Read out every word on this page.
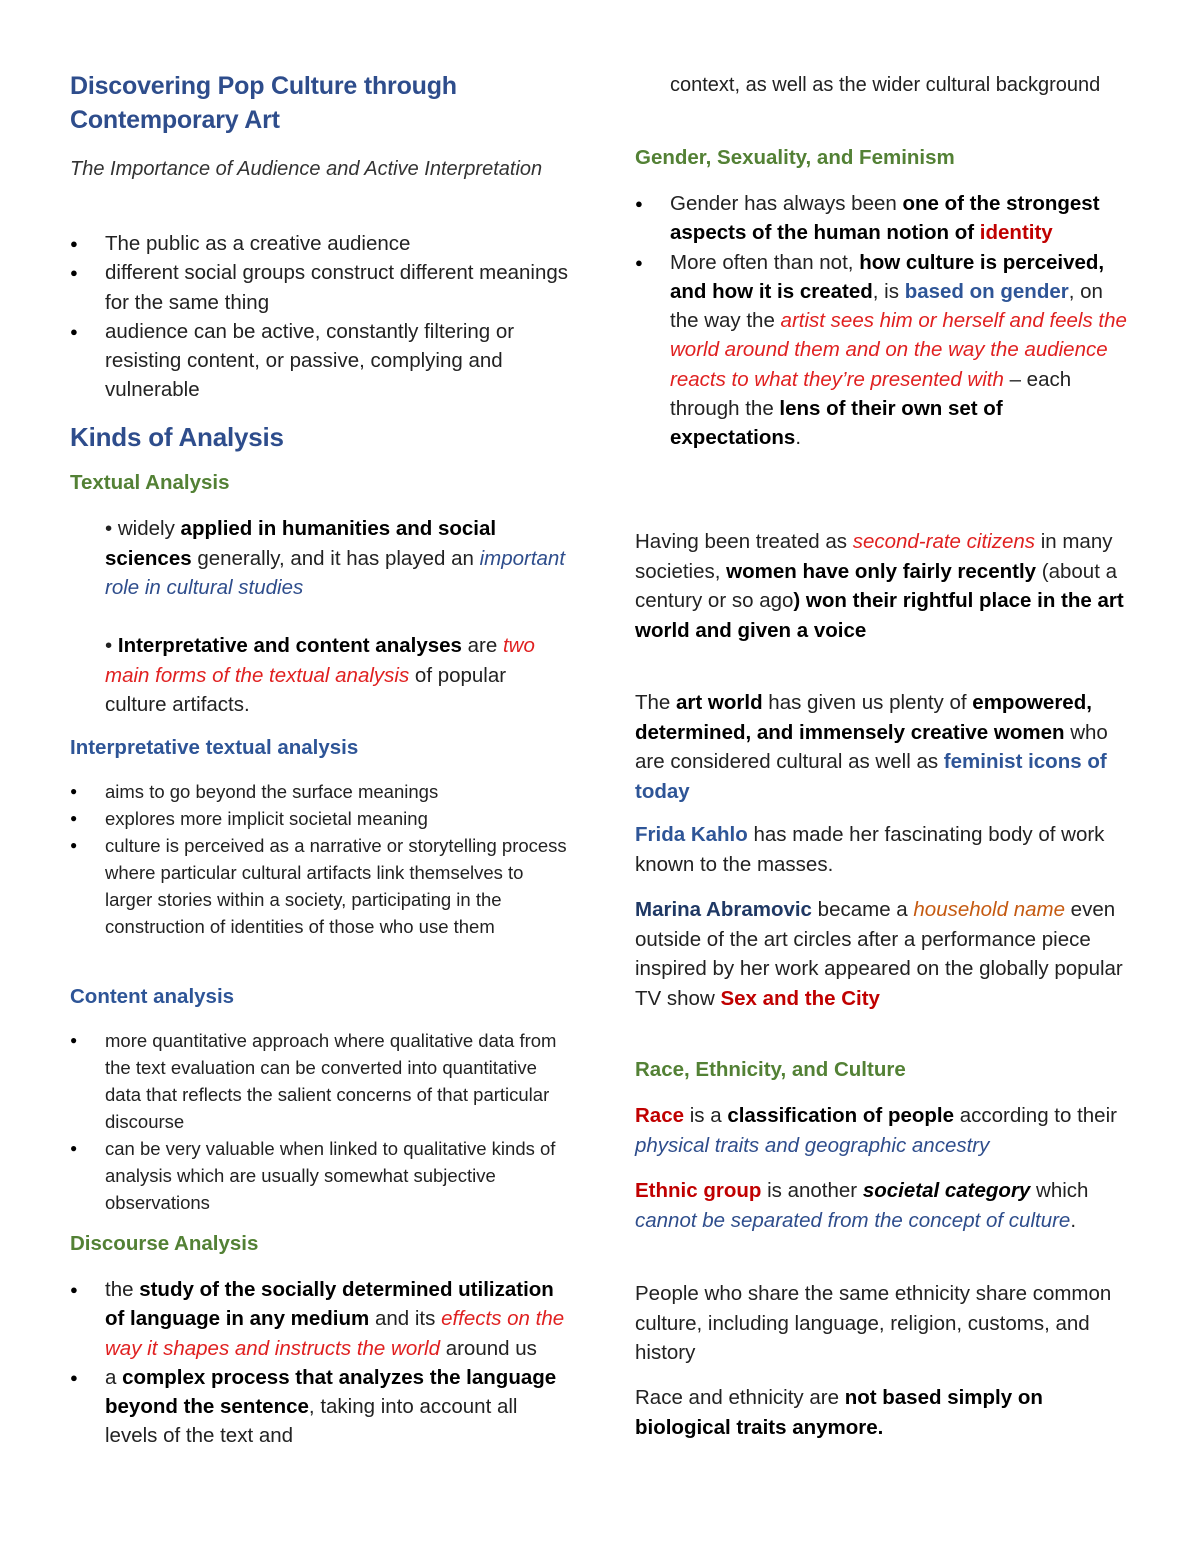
Discovering Pop Culture through Contemporary Art
The Importance of Audience and Active Interpretation
● The public as a creative audience
● different social groups construct different meanings for the same thing
● audience can be active, constantly filtering or resisting content, or passive, complying and vulnerable
Kinds of Analysis
Textual Analysis

• widely applied in humanities and social sciences generally, and it has played an important role in cultural studies

• Interpretative and content analyses are two main forms of the textual analysis of popular culture artifacts.

Interpretative textual analysis
● aims to go beyond the surface meanings
● explores more implicit societal meaning
● culture is perceived as a narrative or storytelling process where particular cultural artifacts link themselves to larger stories within a society, participating in the construction of identities of those who use them
Content analysis
● more quantitative approach where qualitative data from the text evaluation can be converted into quantitative data that reflects the salient concerns of that particular discourse
● can be very valuable when linked to qualitative kinds of analysis which are usually somewhat subjective observations
Discourse Analysis
● the study of the socially determined utilization of language in any medium and its effects on the way it shapes and instructs the world around us
● a complex process that analyzes the language beyond the sentence, taking into account all levels of the text and

context, as well as the wider cultural background

Gender, Sexuality, and Feminism
● Gender has always been one of the strongest aspects of the human notion of identity
● More often than not, how culture is perceived, and how it is created, is based on gender, on the way the artist sees him or herself and feels the world around them and on the way the audience reacts to what they’re presented with – each through the lens of their own set of expectations.

Having been treated as second-rate citizens in many societies, women have only fairly recently (about a century or so ago) won their rightful place in the art world and given a voice

The art world has given us plenty of empowered, determined, and immensely creative women who are considered cultural as well as feminist icons of today

Frida Kahlo has made her fascinating body of work known to the masses.

Marina Abramovic became a household name even outside of the art circles after a performance piece inspired by her work appeared on the globally popular TV show Sex and the City

Race, Ethnicity, and Culture

Race is a classification of people according to their physical traits and geographic ancestry

Ethnic group is another societal category which cannot be separated from the concept of culture.

People who share the same ethnicity share common culture, including language, religion, customs, and history

Race and ethnicity are not based simply on biological traits anymore.
